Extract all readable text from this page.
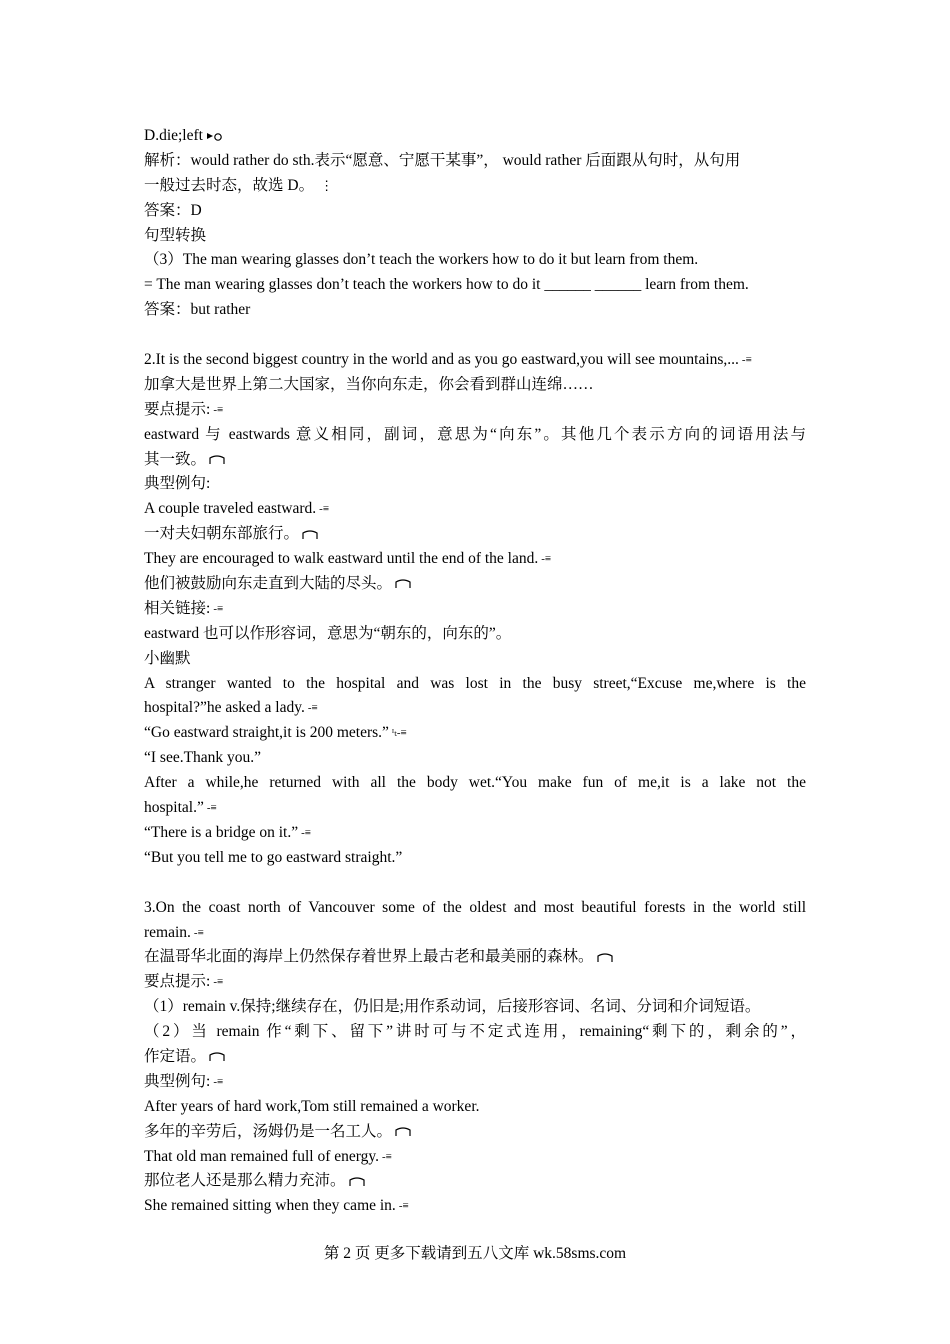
D.die;left
解析：would rather do sth.表示“愿意、宁愿干某事”， would rather 后面跟从句时，从句用
一般过去时态，故选 D。 ⋮
答案：D
句型转换
（3）The man wearing glasses don’t teach the workers how to do it but learn from them.
= The man wearing glasses don’t teach the workers how to do it ______ ______ learn from them.
答案：but rather
2.It is the second biggest country in the world and as you go eastward,you will see mountains,... -≡
加拿大是世界上第二大国家，当你向东走，你会看到群山连绵……
要点提示: -≡
eastward 与 eastwards 意义相同，副词，意思为“向东”。其他几个表示方向的词语用法与
其一致。
典型例句:
A couple traveled eastward. -≡
一对夫妇朝东部旅行。
They are encouraged to walk eastward until the end of the land. -≡
他们被鼓励向东走直到大陆的尽头。
相关链接: -≡
eastward 也可以作形容词，意思为“朝东的，向东的”。
小幽默
A stranger wanted to the hospital and was lost in the busy street,“Excuse me,where is the
hospital?”he asked a lady. -≡
“Go eastward straight,it is 200 meters.” ᴵₜ-≡
“I see.Thank you.”
After a while,he returned with all the body wet.“You make fun of me,it is a lake not the
hospital.” -≡
“There is a bridge on it.” -≡
“But you tell me to go eastward straight.”
3.On the coast north of Vancouver some of the oldest and most beautiful forests in the world still
remain. -≡
在温哥华北面的海岸上仍然保存着世界上最古老和最美丽的森林。
要点提示: -≡
（1）remain v.保持;继续存在，仍旧是;用作系动词，后接形容词、名词、分词和介词短语。
（2）当 remain 作“剩下、留下”讲时可与不定式连用，remaining“剩下的，剩余的”，
作定语。
典型例句: -≡
After years of hard work,Tom still remained a worker.
多年的辛劳后，汤姆仍是一名工人。
That old man remained full of energy. -≡
那位老人还是那么精力充沛。
She remained sitting when they came in. -≡
第 2 页 更多下载请到五八文库 wk.58sms.com
